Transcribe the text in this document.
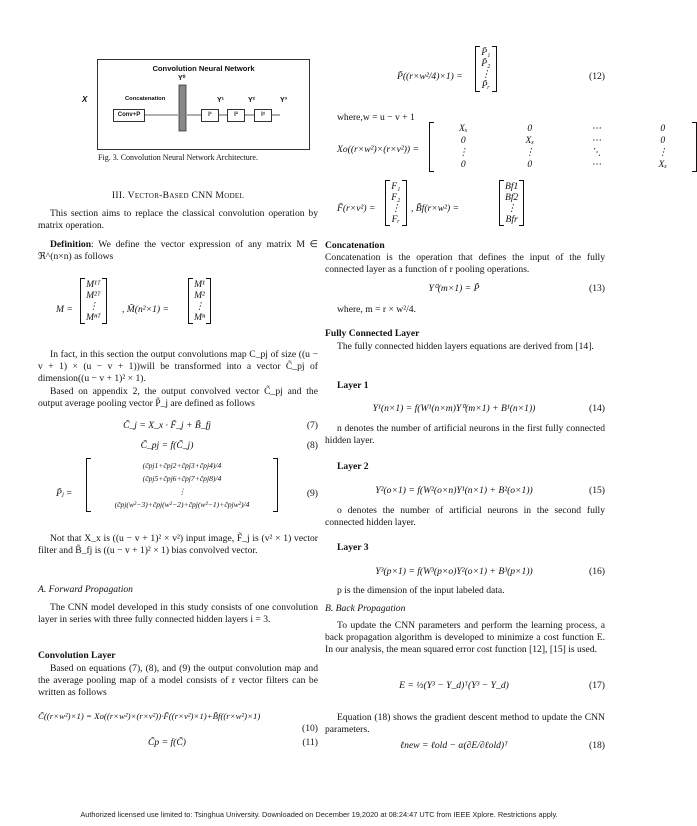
Convolution Neural Network
Y⁰
Concatenation
Conv+P	l¹	l²	lᶟ
Y¹	Y²	Y³
X
Fig. 3. Convolution Neural Network Architecture.
III. Vector-Based CNN Model

This section aims to replace the classical convolution operation by matrix operation.

Definition: We define the vector expression of any matrix M ∈ ℜ^(n×n) as follows

M =
M¹ᵀ
M²ᵀ
⋮
Mⁿᵀ
, M̃(n²×1) =
M¹
M²
⋮
Mⁿ

In fact, in this section the output convolutions map C_pj of size ((u − v + 1) × (u − v + 1))will be transformed into a vector C̃_pj of dimension((u − v + 1)² × 1).

Based on appendix 2, the output convolved vector C̃_pj and the output average pooling vector P̃_j are defined as follows

C̃_j = X_x · F̃_j + B̃_fj	(7)
C̃_pj = f(C̃_j)	(8)
P̃ⱼ =
(c̃pj1+c̃pj2+c̃pj3+c̃pj4)/4
(c̃pj5+c̃pj6+c̃pj7+c̃pj8)/4
⋮
(c̃pj(w²−3)+c̃pj(w²−2)+c̃pj(w²−1)+c̃pjw²)/4
(9)

Not that X_x is ((u − v + 1)² × v²) input image, F̃_j is (v² × 1) vector filter and B̃_fj is ((u − v + 1)² × 1) bias convolved vector.

A. Forward Propagation

The CNN model developed in this study consists of one convolution layer in series with three fully connected hidden layers i = 3.

Convolution Layer

Based on equations (7), (8), and (9) the output convolution map and the average pooling map of a model consists of r vector filters can be written as follows

C̃((r×w²)×1) = Xo((r×w²)×(r×v²))·F̃((r×v²)×1)+B̃f((r×w²)×1)
(10)
C̃p = f(C̃)	(11)
P̃((r×w²/4)×1) =
P̃₁
P̃₂
⋮
P̃ᵣ
(12)
where,w = u − v + 1
Xo((r×w²)×(r×v²)) =
Xₓ	0	⋯	0
0	Xₓ	⋯	0
⋮	⋮	⋱	⋮
0	0	⋯	Xₓ
F̃(r×v²) =
F₁
F₂
⋮
Fᵣ
, B̃f(r×w²) =
Bf1
Bf2
⋮
Bfr
Concatenation

Concatenation is the operation that defines the input of the fully connected layer as a function of r pooling operations.

Y⁰(m×1) = P̃	(13)
where, m = r × w²/4.
Fully Connected Layer

The fully connected hidden layers equations are derived from [14].

Layer 1
Y¹(n×1) = f(W¹(n×m)Y⁰(m×1) + B¹(n×1))	(14)

n denotes the number of artificial neurons in the first fully connected hidden layer.

Layer 2
Y²(o×1) = f(W²(o×n)Y¹(n×1) + B²(o×1))	(15)

o denotes the number of artificial neurons in the second fully connected hidden layer.

Layer 3
Y³(p×1) = f(W³(p×o)Y²(o×1) + B³(p×1))	(16)

p is the dimension of the input labeled data.

B. Back Propagation

To update the CNN parameters and perform the learning process, a back propagation algorithm is developed to minimize a cost function E. In our analysis, the mean squared error cost function [12], [15] is used.

E = ½(Y³ − Y_d)ᵀ(Y³ − Y_d)	(17)

Equation (18) shows the gradient descent method to update the CNN parameters.

ℓnew = ℓold − α(∂E/∂ℓold)ᵀ	(18)
Authorized licensed use limited to: Tsinghua University. Downloaded on December 19,2020 at 08:24:47 UTC from IEEE Xplore. Restrictions apply.
